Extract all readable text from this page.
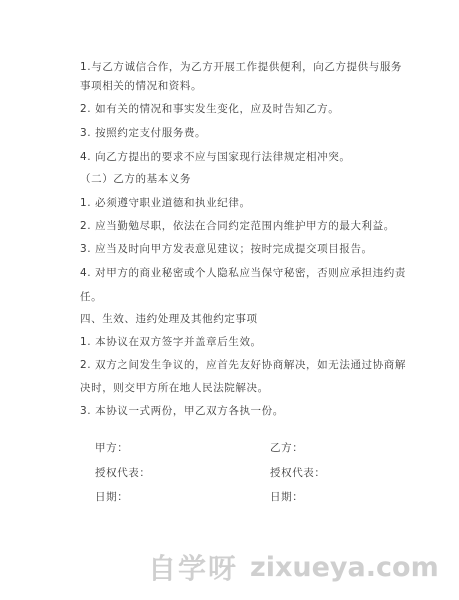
1.与乙方诚信合作，为乙方开展工作提供便利，向乙方提供与服务
事项相关的情况和资料。
2. 如有关的情况和事实发生变化，应及时告知乙方。
3. 按照约定支付服务费。
4. 向乙方提出的要求不应与国家现行法律规定相冲突。
（二）乙方的基本义务
1. 必须遵守职业道德和执业纪律。
2. 应当勤勉尽职，依法在合同约定范围内维护甲方的最大利益。
3. 应当及时向甲方发表意见建议；按时完成提交项目报告。
4. 对甲方的商业秘密或个人隐私应当保守秘密，否则应承担违约责
任。
四、生效、违约处理及其他约定事项
1. 本协议在双方签字并盖章后生效。
2. 双方之间发生争议的，应首先友好协商解决，如无法通过协商解
决时，则交甲方所在地人民法院解决。
3. 本协议一式两份，甲乙双方各执一份。
甲方：	乙方：
授权代表：	授权代表：
日期：	日期：
自学呀 zixueya.com
